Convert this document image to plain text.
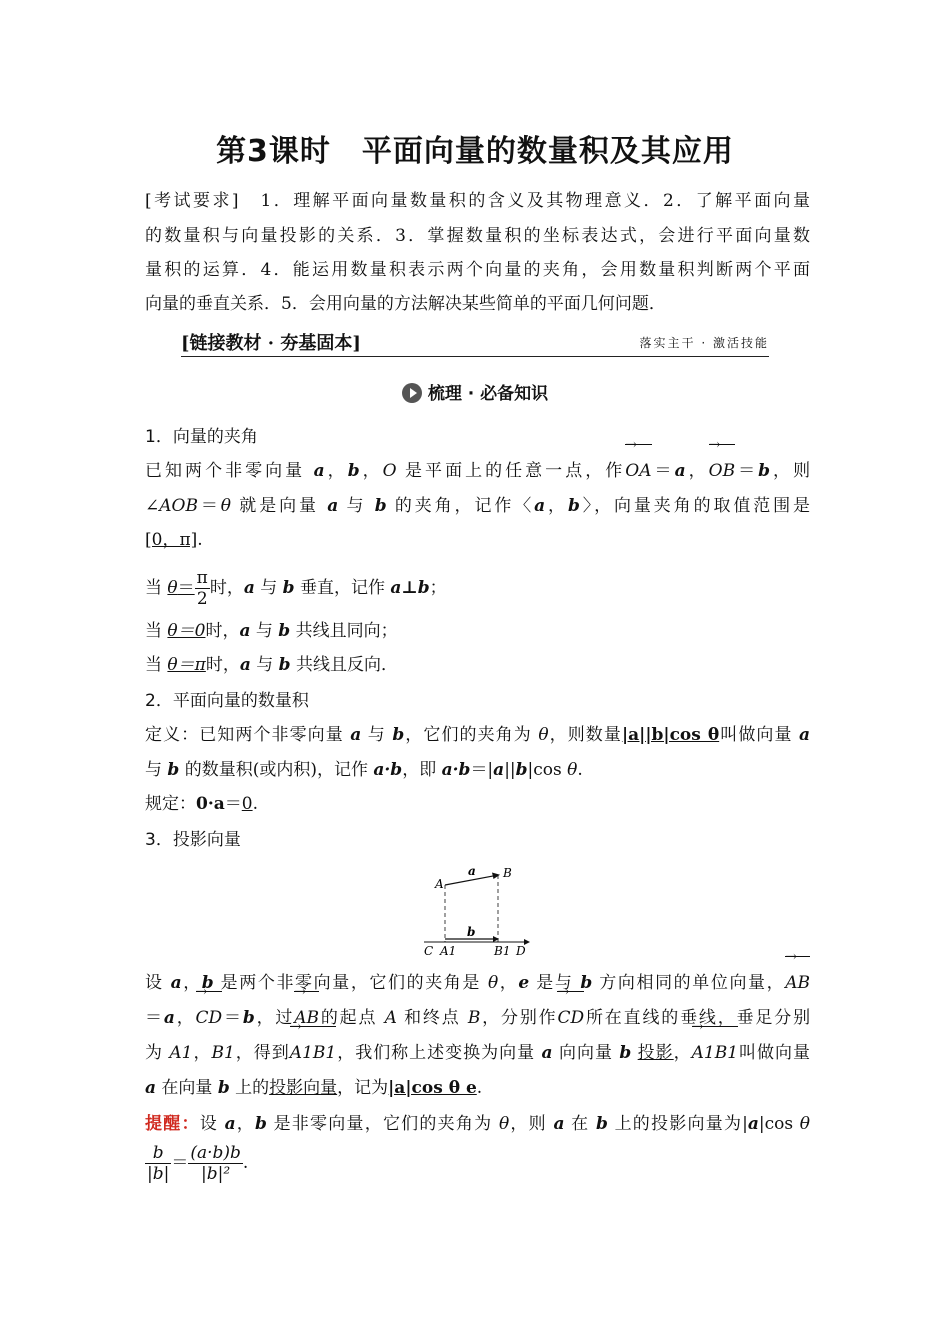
第3课时　平面向量的数量积及其应用
[考试要求]　1．理解平面向量数量积的含义及其物理意义．2．了解平面向量
的数量积与向量投影的关系．3．掌握数量积的坐标表达式，会进行平面向量数
量积的运算．4．能运用数量积表示两个向量的夹角，会用数量积判断两个平面
向量的垂直关系．5．会用向量的方法解决某些简单的平面几何问题．
[链接教材 · 夯基固本]	落实主干 · 激活技能
梳理 · 必备知识
1．向量的夹角
已知两个非零向量 a，b，O 是平面上的任意一点，作→ OA＝a，→ OB＝b，则
∠AOB＝θ 就是向量 a 与 b 的夹角，记作〈a，b〉，向量夹角的取值范围是
[0，π].
当 $\theta= \frac{\pi}{2}$ 时，a 与 b 垂直，记作 a⊥b；
当 θ＝0时，a 与 b 共线且同向；
当 θ＝π时，a 与 b 共线且反向．
2．平面向量的数量积
定义：已知两个非零向量 a 与 b，它们的夹角为 θ，则数量|a||b|cos θ叫做向量 a
与 b 的数量积(或内积)，记作 a·b，即 a·b＝|a||b|cos θ.
规定：0·a＝0.
3．投影向量
A
B
a
b
C A1	B1 D
设 a，b 是两个非零向量，它们的夹角是 θ，e 是与 b 方向相同的单位向量，→ AB
＝a，→ CD＝b，过→ AB的起点 A 和终点 B，分别作→ CD所在直线的垂线，垂足分别
为 A1，B1，得到→ A1B1，我们称上述变换为向量 a 向向量 b 投影，→ A1B1叫做向量
a 在向量 b 上的投影向量，记为|a|cos θ e.
提醒：设 a，b 是非零向量，它们的夹角为 θ，则 a 在 b 上的投影向量为|a|cos θ
$\frac{b}{|b|} = \frac{(a\cdot b)b}{\text{|b|²}}$ .
